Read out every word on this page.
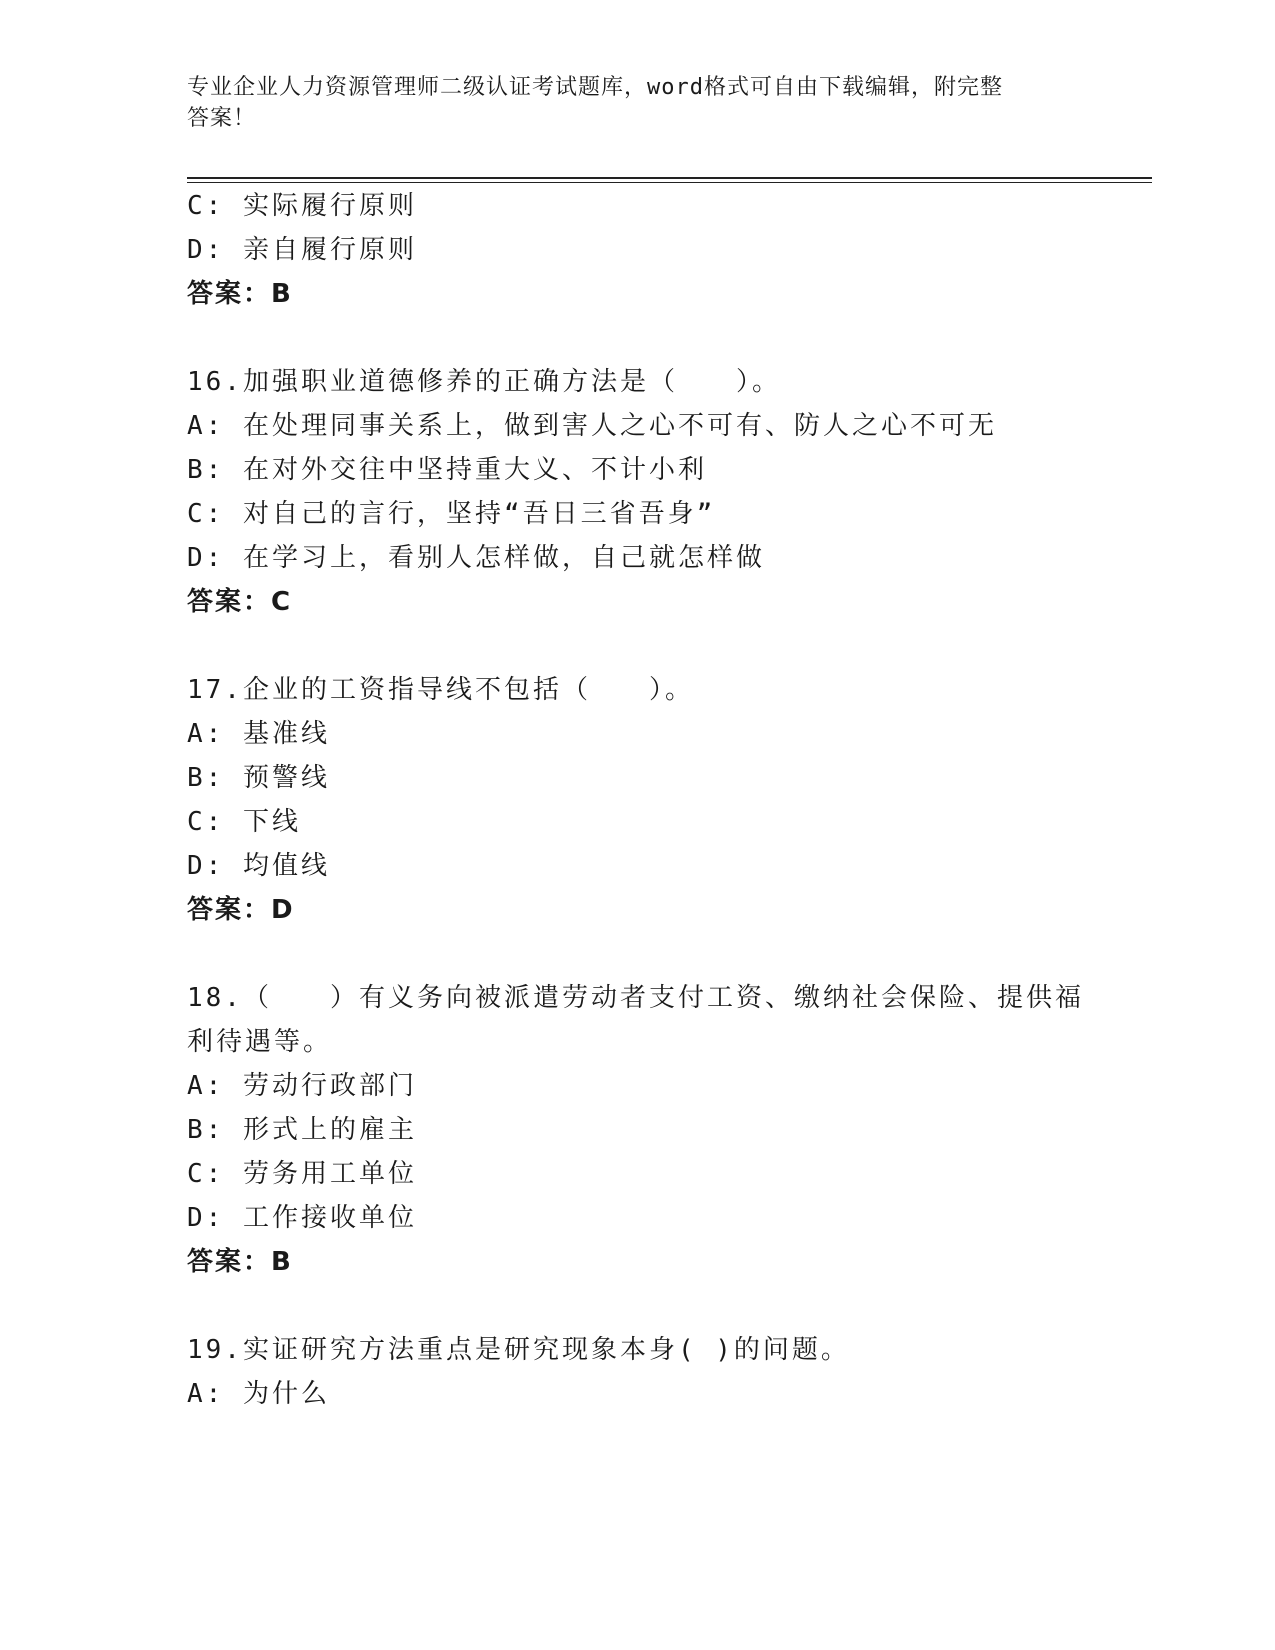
专业企业人力资源管理师二级认证考试题库，word格式可自由下载编辑，附完整
答案！
C: 实际履行原则
D: 亲自履行原则
答案：B
16.加强职业道德修养的正确方法是（　　）。
A: 在处理同事关系上，做到害人之心不可有、防人之心不可无
B: 在对外交往中坚持重大义、不计小利
C: 对自己的言行，坚持“吾日三省吾身”
D: 在学习上，看别人怎样做，自己就怎样做
答案：C
17.企业的工资指导线不包括（　　）。
A: 基准线
B: 预警线
C: 下线
D: 均值线
答案：D
18.（　　）有义务向被派遣劳动者支付工资、缴纳社会保险、提供福
利待遇等。
A: 劳动行政部门
B: 形式上的雇主
C: 劳务用工单位
D: 工作接收单位
答案：B
19.实证研究方法重点是研究现象本身( )的问题。
A: 为什么
